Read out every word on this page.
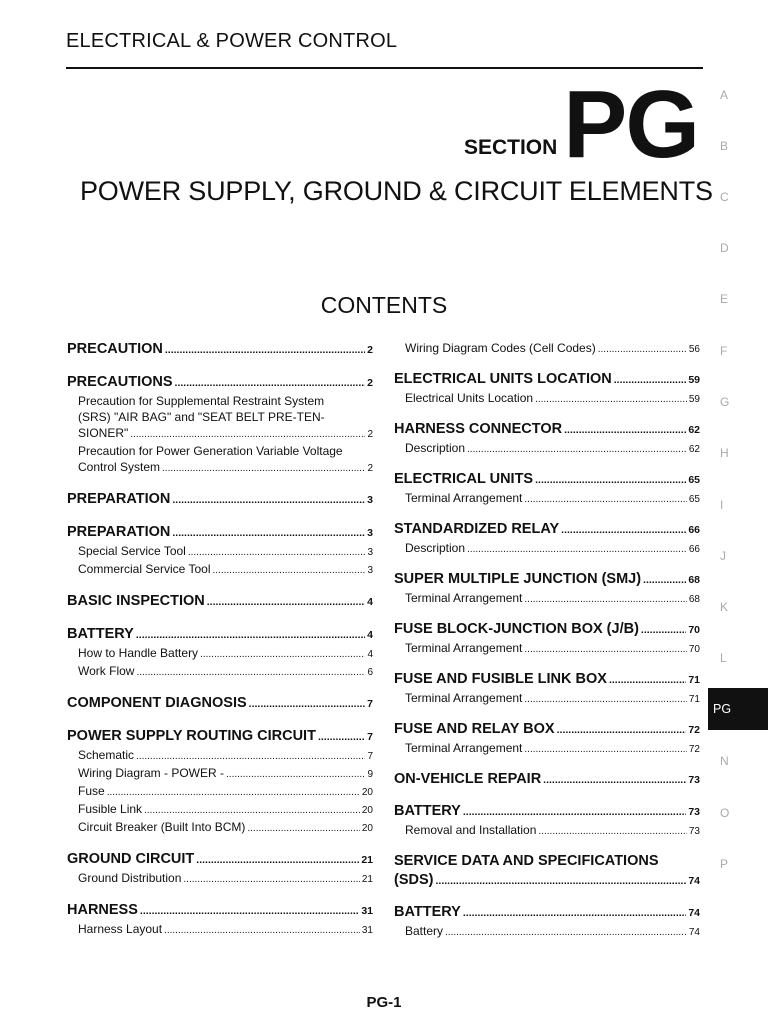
ELECTRICAL & POWER CONTROL
SECTION PG
POWER SUPPLY, GROUND & CIRCUIT ELEMENTS
CONTENTS
PRECAUTION .....	2
PRECAUTIONS .....	2
Precaution for Supplemental Restraint System
(SRS) "AIR BAG" and "SEAT BELT PRE-TEN-
SIONER" .....	2
Precaution for Power Generation Variable Voltage
Control System .....	2
PREPARATION .....	3
PREPARATION .....	3
Special Service Tool .....	3
Commercial Service Tool .....	3
BASIC INSPECTION .....	4
BATTERY .....	4
How to Handle Battery .....	4
Work Flow .....	6
COMPONENT DIAGNOSIS .....	7
POWER SUPPLY ROUTING CIRCUIT .....	7
Schematic .....	7
Wiring Diagram - POWER - .....	9
Fuse .....	20
Fusible Link .....	20
Circuit Breaker (Built Into BCM) .....	20
GROUND CIRCUIT .....	21
Ground Distribution .....	21
HARNESS .....	31
Harness Layout .....	31
Wiring Diagram Codes (Cell Codes) .....	56
ELECTRICAL UNITS LOCATION .....	59
Electrical Units Location .....	59
HARNESS CONNECTOR .....	62
Description .....	62
ELECTRICAL UNITS .....	65
Terminal Arrangement .....	65
STANDARDIZED RELAY .....	66
Description .....	66
SUPER MULTIPLE JUNCTION (SMJ) .....	68
Terminal Arrangement .....	68
FUSE BLOCK-JUNCTION BOX (J/B) .....	70
Terminal Arrangement .....	70
FUSE AND FUSIBLE LINK BOX .....	71
Terminal Arrangement .....	71
FUSE AND RELAY BOX .....	72
Terminal Arrangement .....	72
ON-VEHICLE REPAIR .....	73
BATTERY .....	73
Removal and Installation .....	73
SERVICE DATA AND SPECIFICATIONS
(SDS) .....	74
BATTERY .....	74
Battery .....	74
A
B
C
D
E
F
G
H
I
J
K
L
PG
N
O
P
PG-1
